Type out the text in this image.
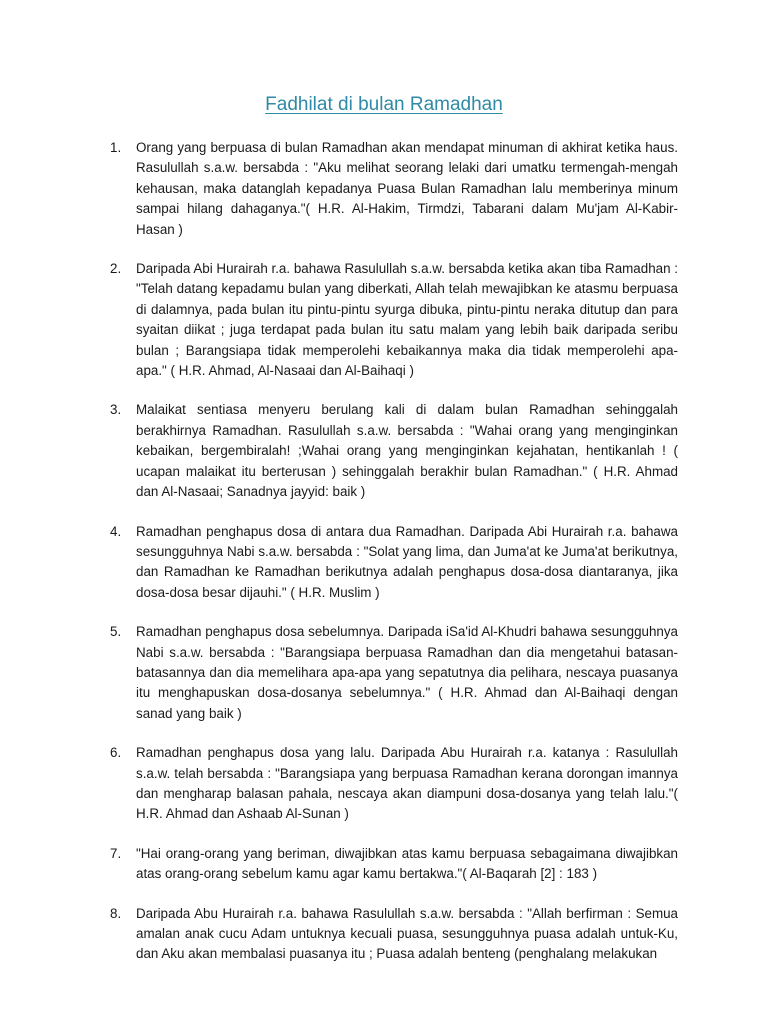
Fadhilat di bulan Ramadhan
1.	Orang yang berpuasa di bulan Ramadhan akan mendapat minuman di akhirat ketika haus. Rasulullah s.a.w. bersabda : "Aku melihat seorang lelaki dari umatku termengah-mengah kehausan, maka datanglah kepadanya Puasa Bulan Ramadhan lalu memberinya minum sampai hilang dahaganya."( H.R. Al-Hakim, Tirmdzi, Tabarani dalam Mu'jam Al-Kabir-Hasan )
2.	Daripada Abi Hurairah r.a. bahawa Rasulullah s.a.w. bersabda ketika akan tiba Ramadhan : "Telah datang kepadamu bulan yang diberkati, Allah telah mewajibkan ke atasmu berpuasa di dalamnya, pada bulan itu pintu-pintu syurga dibuka, pintu-pintu neraka ditutup dan para syaitan diikat ; juga terdapat pada bulan itu satu malam yang lebih baik daripada seribu bulan ; Barangsiapa tidak memperolehi kebaikannya maka dia tidak memperolehi apa-apa." ( H.R. Ahmad, Al-Nasaai dan Al-Baihaqi )
3.	Malaikat sentiasa menyeru berulang kali di dalam bulan Ramadhan sehinggalah berakhirnya Ramadhan. Rasulullah s.a.w. bersabda : "Wahai orang yang menginginkan kebaikan, bergembiralah! ;Wahai orang yang menginginkan kejahatan, hentikanlah ! ( ucapan malaikat itu berterusan ) sehinggalah berakhir bulan Ramadhan." ( H.R. Ahmad dan Al-Nasaai; Sanadnya jayyid: baik )
4.	Ramadhan penghapus dosa di antara dua Ramadhan. Daripada Abi Hurairah r.a. bahawa sesungguhnya Nabi s.a.w. bersabda : "Solat yang lima, dan Juma'at ke Juma'at berikutnya, dan Ramadhan ke Ramadhan berikutnya adalah penghapus dosa-dosa diantaranya, jika dosa-dosa besar dijauhi." ( H.R. Muslim )
5.	Ramadhan penghapus dosa sebelumnya. Daripada iSa'id Al-Khudri bahawa sesungguhnya Nabi s.a.w. bersabda : "Barangsiapa berpuasa Ramadhan dan dia mengetahui batasan-batasannya dan dia memelihara apa-apa yang sepatutnya dia pelihara, nescaya puasanya itu menghapuskan dosa-dosanya sebelumnya." ( H.R. Ahmad dan Al-Baihaqi dengan sanad yang baik )
6.	Ramadhan penghapus dosa yang lalu. Daripada Abu Hurairah r.a. katanya : Rasulullah s.a.w. telah bersabda : "Barangsiapa yang berpuasa Ramadhan kerana dorongan imannya dan mengharap balasan pahala, nescaya akan diampuni dosa-dosanya yang telah lalu."( H.R. Ahmad dan Ashaab Al-Sunan )
7.	"Hai orang-orang yang beriman, diwajibkan atas kamu berpuasa sebagaimana diwajibkan atas orang-orang sebelum kamu agar kamu bertakwa."( Al-Baqarah [2] : 183 )
8.	Daripada Abu Hurairah r.a. bahawa Rasulullah s.a.w. bersabda : "Allah berfirman : Semua amalan anak cucu Adam untuknya kecuali puasa, sesungguhnya puasa adalah untuk-Ku, dan Aku akan membalasi puasanya itu ; Puasa adalah benteng (penghalang melakukan
